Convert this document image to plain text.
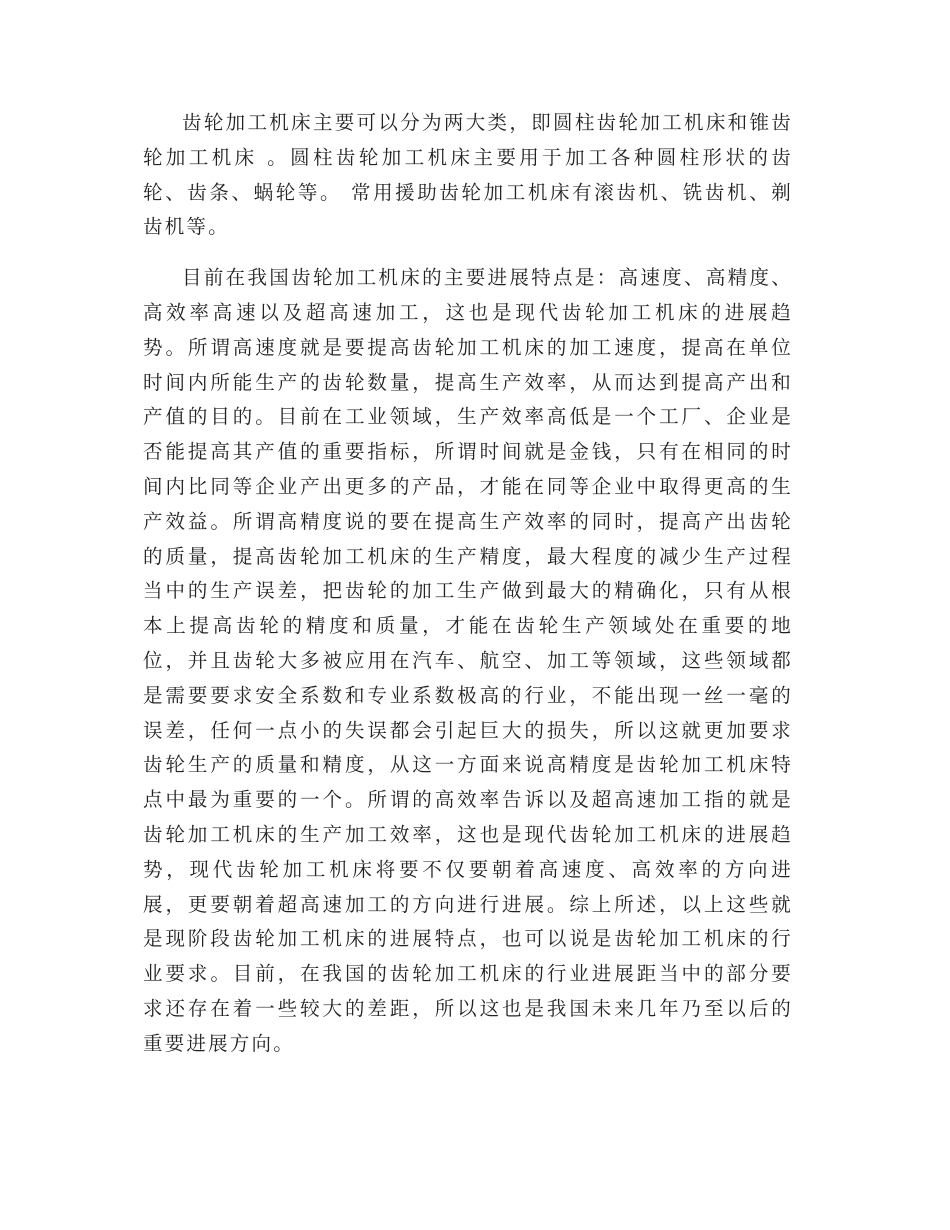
齿轮加工机床主要可以分为两大类，即圆柱齿轮加工机床和锥齿轮加工机床 。圆柱齿轮加工机床主要用于加工各种圆柱形状的齿轮、齿条、蜗轮等。 常用援助齿轮加工机床有滚齿机、铣齿机、剃齿机等。

目前在我国齿轮加工机床的主要进展特点是：高速度、高精度、高效率高速以及超高速加工，这也是现代齿轮加工机床的进展趋势。所谓高速度就是要提高齿轮加工机床的加工速度，提高在单位时间内所能生产的齿轮数量，提高生产效率，从而达到提高产出和产值的目的。目前在工业领域，生产效率高低是一个工厂、企业是否能提高其产值的重要指标，所谓时间就是金钱，只有在相同的时间内比同等企业产出更多的产品，才能在同等企业中取得更高的生产效益。所谓高精度说的要在提高生产效率的同时，提高产出齿轮的质量，提高齿轮加工机床的生产精度，最大程度的减少生产过程当中的生产误差，把齿轮的加工生产做到最大的精确化，只有从根本上提高齿轮的精度和质量，才能在齿轮生产领域处在重要的地位，并且齿轮大多被应用在汽车、航空、加工等领域，这些领域都是需要要求安全系数和专业系数极高的行业，不能出现一丝一毫的误差，任何一点小的失误都会引起巨大的损失，所以这就更加要求齿轮生产的质量和精度，从这一方面来说高精度是齿轮加工机床特点中最为重要的一个。所谓的高效率告诉以及超高速加工指的就是齿轮加工机床的生产加工效率，这也是现代齿轮加工机床的进展趋势，现代齿轮加工机床将要不仅要朝着高速度、高效率的方向进展，更要朝着超高速加工的方向进行进展。综上所述，以上这些就是现阶段齿轮加工机床的进展特点，也可以说是齿轮加工机床的行业要求。目前，在我国的齿轮加工机床的行业进展距当中的部分要求还存在着一些较大的差距，所以这也是我国未来几年乃至以后的重要进展方向。
